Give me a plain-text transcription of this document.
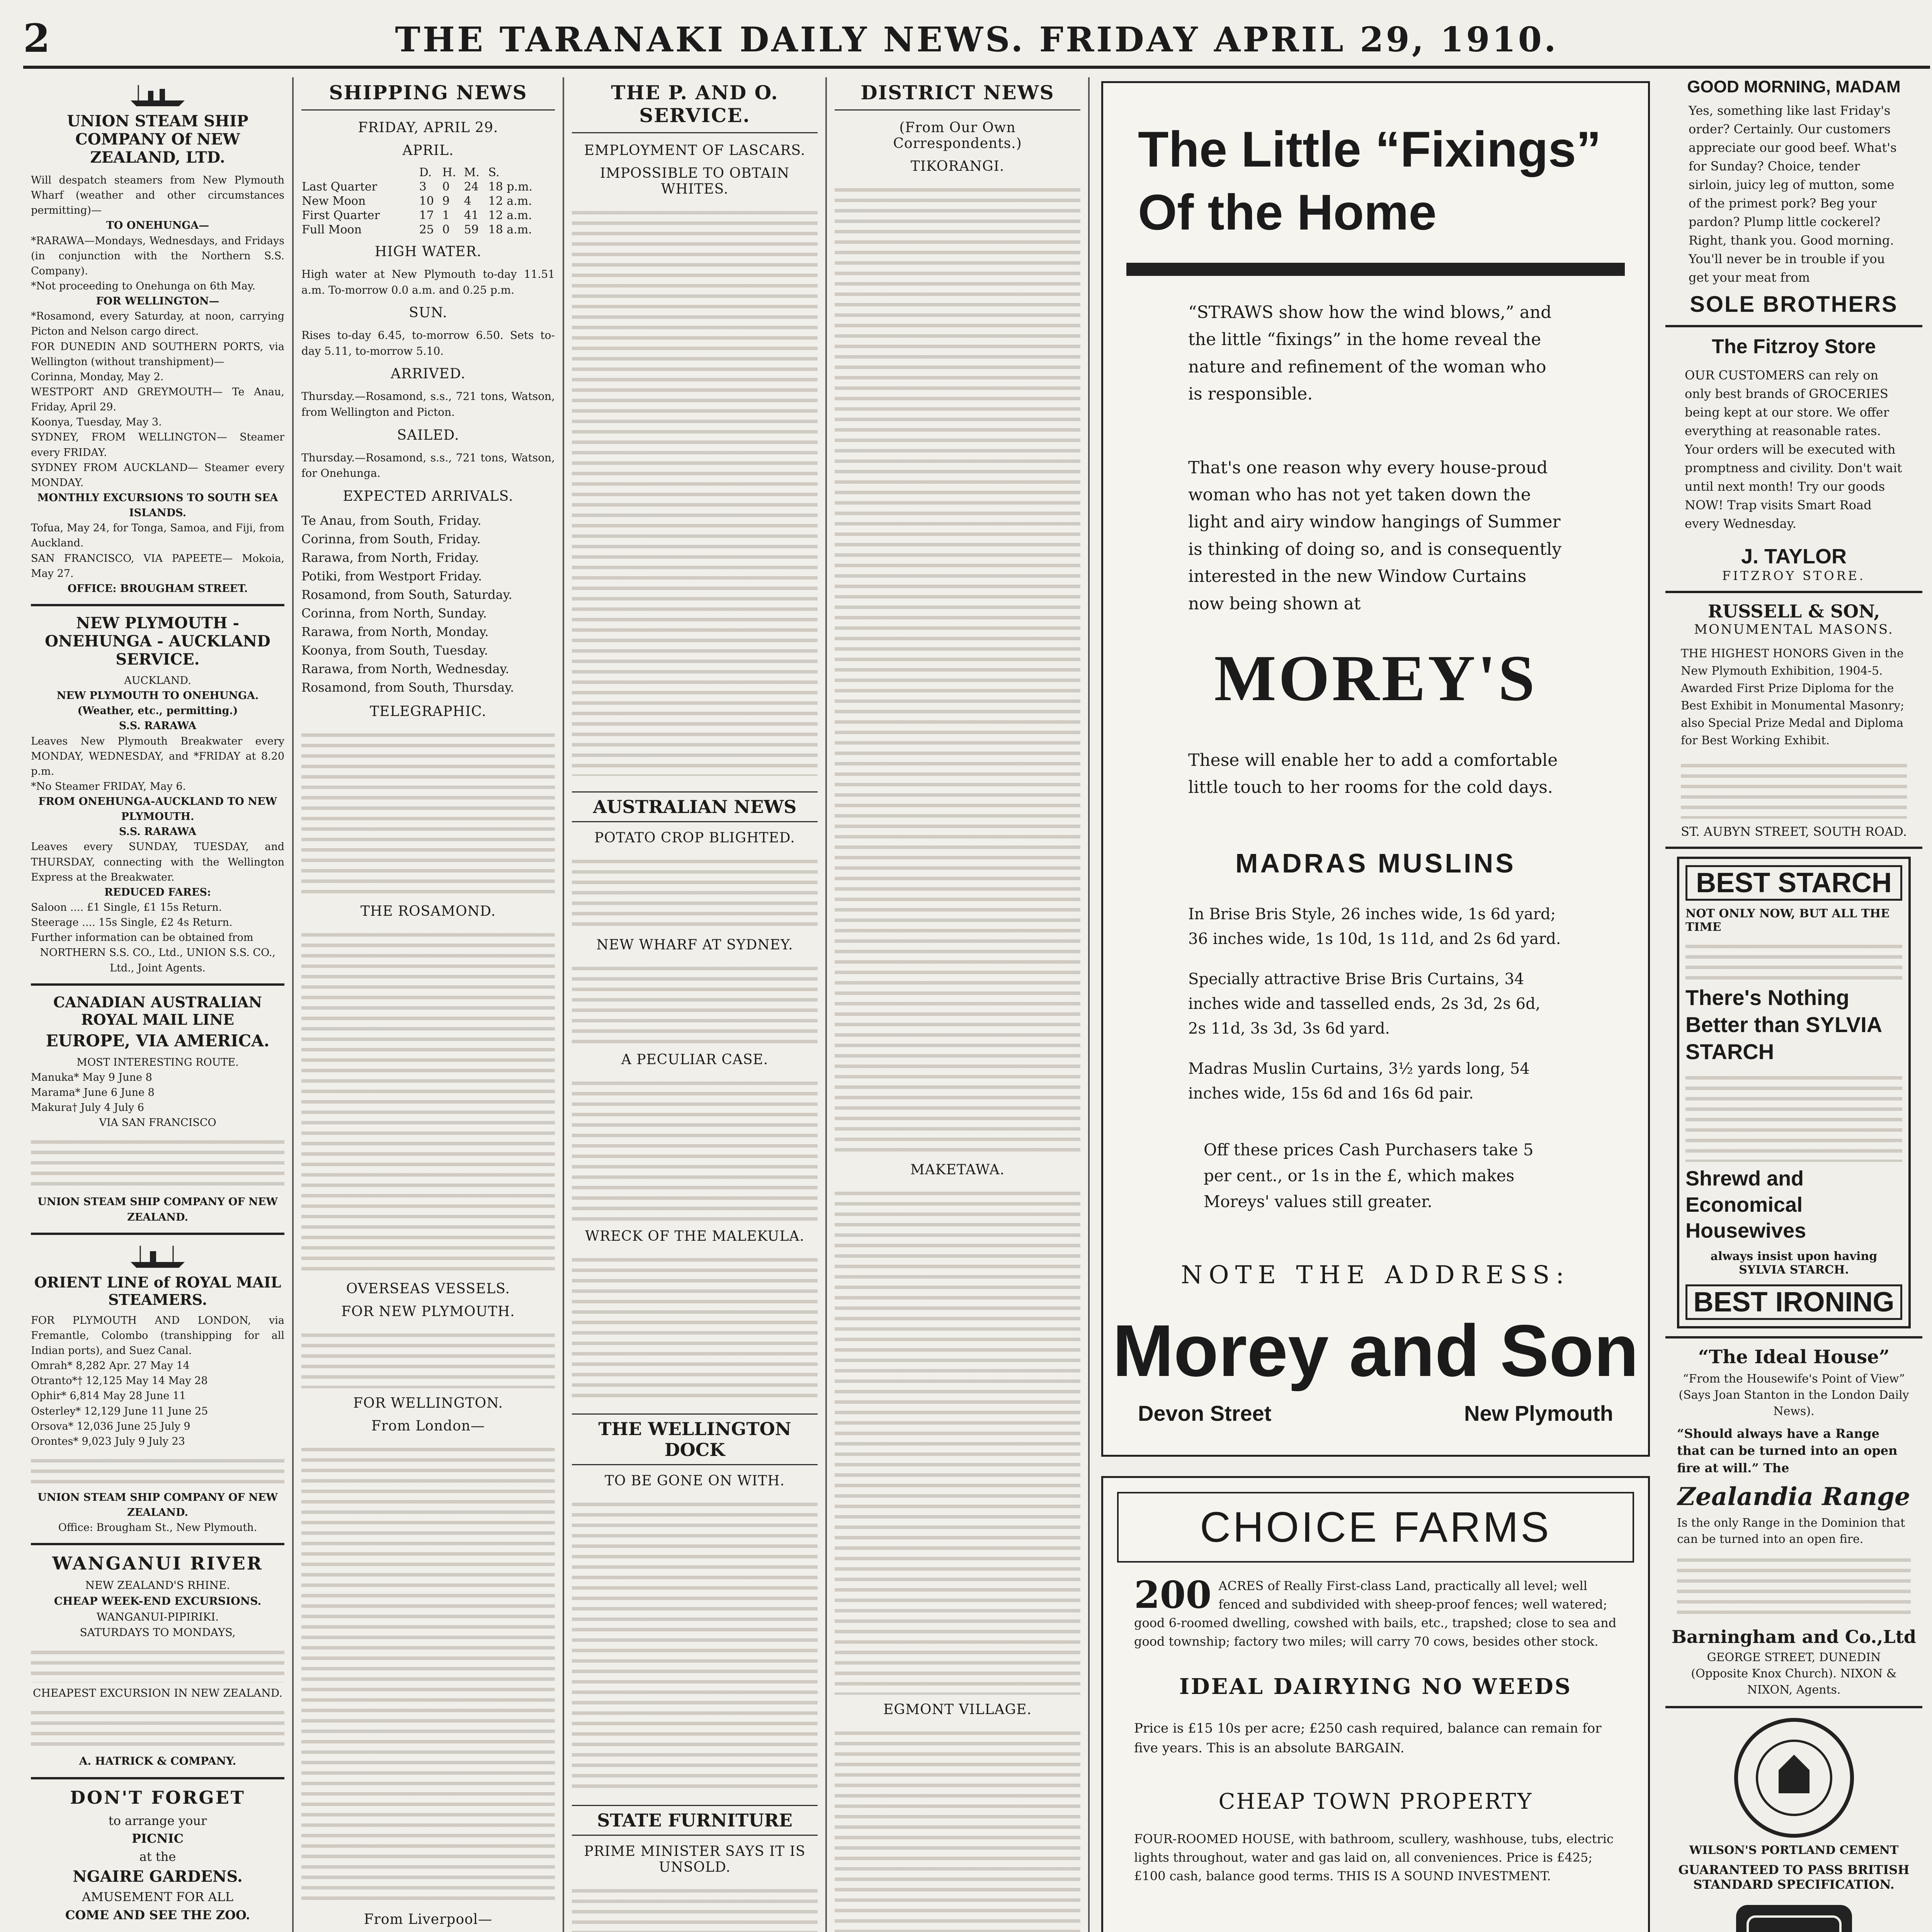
2	THE TARANAKI DAILY NEWS. FRIDAY APRIL 29, 1910.
UNION STEAM SHIP COMPANY Of NEW ZEALAND, LTD.
Will despatch steamers from New Plymouth Wharf (weather and other circumstances permitting)—
TO ONEHUNGA—
*RARAWA—Mondays, Wednesdays, and Fridays (in conjunction with the Northern S.S. Company).
*Not proceeding to Onehunga on 6th May.
FOR WELLINGTON—
*Rosamond, every Saturday, at noon, carrying Picton and Nelson cargo direct.
FOR DUNEDIN AND SOUTHERN PORTS, via Wellington (without transhipment)—
Corinna, Monday, May 2.
WESTPORT AND GREYMOUTH— Te Anau, Friday, April 29.
Koonya, Tuesday, May 3.
SYDNEY, FROM WELLINGTON— Steamer every FRIDAY.
SYDNEY FROM AUCKLAND— Steamer every MONDAY.
MONTHLY EXCURSIONS TO SOUTH SEA ISLANDS.
Tofua, May 24, for Tonga, Samoa, and Fiji, from Auckland.
SAN FRANCISCO, VIA PAPEETE— Mokoia, May 27.
OFFICE: BROUGHAM STREET.
NEW PLYMOUTH - ONEHUNGA - AUCKLAND SERVICE.
AUCKLAND.
NEW PLYMOUTH TO ONEHUNGA. (Weather, etc., permitting.)
S.S. RARAWA
Leaves New Plymouth Breakwater every MONDAY, WEDNESDAY, and *FRIDAY at 8.20 p.m.
*No Steamer FRIDAY, May 6.
FROM ONEHUNGA-AUCKLAND TO NEW PLYMOUTH.
S.S. RARAWA
Leaves every SUNDAY, TUESDAY, and THURSDAY, connecting with the Wellington Express at the Breakwater.
REDUCED FARES:
Saloon .... £1 Single, £1 15s Return.
Steerage .... 15s Single, £2 4s Return.
Further information can be obtained from
NORTHERN S.S. CO., Ltd., UNION S.S. CO., Ltd., Joint Agents.
CANADIAN AUSTRALIAN ROYAL MAIL LINE
EUROPE, VIA AMERICA.
MOST INTERESTING ROUTE.
Manuka* May 9 June 8
Marama* June 6 June 8
Makura† July 4 July 6
VIA SAN FRANCISCO
UNION STEAM SHIP COMPANY OF NEW ZEALAND.
ORIENT LINE of ROYAL MAIL STEAMERS.
FOR PLYMOUTH AND LONDON, via Fremantle, Colombo (transhipping for all Indian ports), and Suez Canal.
Omrah* 8,282 Apr. 27 May 14
Otranto*† 12,125 May 14 May 28
Ophir* 6,814 May 28 June 11
Osterley* 12,129 June 11 June 25
Orsova* 12,036 June 25 July 9
Orontes* 9,023 July 9 July 23
UNION STEAM SHIP COMPANY OF NEW ZEALAND.
Office: Brougham St., New Plymouth.
WANGANUI RIVER
NEW ZEALAND'S RHINE.
CHEAP WEEK-END EXCURSIONS.
WANGANUI-PIPIRIKI.
SATURDAYS TO MONDAYS,
CHEAPEST EXCURSION IN NEW ZEALAND.
A. HATRICK & COMPANY.
DON'T FORGET
to arrange your
PICNIC
at the
NGAIRE GARDENS.
AMUSEMENT FOR ALL
COME AND SEE THE ZOO.
SHIPPING NEWS
FRIDAY, APRIL 29.
APRIL.
	D.	H.	M.	S.
Last Quarter	3	0	24	18 p.m.
New Moon	10	9	4	12 a.m.
First Quarter	17	1	41	12 a.m.
Full Moon	25	0	59	18 a.m.
HIGH WATER.
High water at New Plymouth to-day 11.51 a.m. To-morrow 0.0 a.m. and 0.25 p.m.
SUN.
Rises to-day 6.45, to-morrow 6.50. Sets to-day 5.11, to-morrow 5.10.
ARRIVED.
Thursday.—Rosamond, s.s., 721 tons, Watson, from Wellington and Picton.
SAILED.
Thursday.—Rosamond, s.s., 721 tons, Watson, for Onehunga.
EXPECTED ARRIVALS.
Te Anau, from South, Friday.
Corinna, from South, Friday.
Rarawa, from North, Friday.
Potiki, from Westport Friday.
Rosamond, from South, Saturday.
Corinna, from North, Sunday.
Rarawa, from North, Monday.
Koonya, from South, Tuesday.
Rarawa, from North, Wednesday.
Rosamond, from South, Thursday.
TELEGRAPHIC.
THE ROSAMOND.
OVERSEAS VESSELS.
FOR NEW PLYMOUTH.
FOR WELLINGTON.
From London—
From Liverpool—
THE P. AND O. SERVICE.
EMPLOYMENT OF LASCARS.
IMPOSSIBLE TO OBTAIN WHITES.
AUSTRALIAN NEWS
POTATO CROP BLIGHTED.
NEW WHARF AT SYDNEY.
A PECULIAR CASE.
WRECK OF THE MALEKULA.
THE WELLINGTON DOCK
TO BE GONE ON WITH.
STATE FURNITURE
PRIME MINISTER SAYS IT IS UNSOLD.
DISTRICT NEWS
(From Our Own Correspondents.)
TIKORANGI.
MAKETAWA.
EGMONT VILLAGE.
The Little “Fixings” Of the Home
“STRAWS show how the wind blows,” and the little “fixings” in the home reveal the nature and refinement of the woman who is responsible.
That's one reason why every house-proud woman who has not yet taken down the light and airy window hangings of Summer is thinking of doing so, and is consequently interested in the new Window Curtains now being shown at
MOREY'S
These will enable her to add a comfortable little touch to her rooms for the cold days.
MADRAS MUSLINS

In Brise Bris Style, 26 inches wide, 1s 6d yard; 36 inches wide, 1s 10d, 1s 11d, and 2s 6d yard.

Specially attractive Brise Bris Curtains, 34 inches wide and tasselled ends, 2s 3d, 2s 6d, 2s 11d, 3s 3d, 3s 6d yard.

Madras Muslin Curtains, 3½ yards long, 54 inches wide, 15s 6d and 16s 6d pair.

Off these prices Cash Purchasers take 5 per cent., or 1s in the £, which makes Moreys' values still greater.
NOTE THE ADDRESS:
Morey and Son
Devon Street	New Plymouth
CHOICE FARMS
200 ACRES of Really First-class Land, practically all level; well fenced and subdivided with sheep-proof fences; well watered; good 6-roomed dwelling, cowshed with bails, etc., trapshed; close to sea and good township; factory two miles; will carry 70 cows, besides other stock.
IDEAL DAIRYING NO WEEDS
Price is £15 10s per acre; £250 cash required, balance can remain for five years. This is an absolute BARGAIN.
CHEAP TOWN PROPERTY
FOUR-ROOMED HOUSE, with bathroom, scullery, washhouse, tubs, electric lights throughout, water and gas laid on, all conveniences. Price is £425; £100 cash, balance good terms. THIS IS A SOUND INVESTMENT.

GOOD MORNING, MADAM
Yes, something like last Friday's order? Certainly. Our customers appreciate our good beef. What's for Sunday? Choice, tender sirloin, juicy leg of mutton, some of the primest pork? Beg your pardon? Plump little cockerel? Right, thank you. Good morning. You'll never be in trouble if you get your meat from
SOLE BROTHERS
The Fitzroy Store
OUR CUSTOMERS can rely on only best brands of GROCERIES being kept at our store. We offer everything at reasonable rates. Your orders will be executed with promptness and civility. Don't wait until next month! Try our goods NOW! Trap visits Smart Road every Wednesday.
J. TAYLOR
FITZROY STORE.
RUSSELL & SON,
MONUMENTAL MASONS.
THE HIGHEST HONORS Given in the New Plymouth Exhibition, 1904-5. Awarded First Prize Diploma for the Best Exhibit in Monumental Masonry; also Special Prize Medal and Diploma for Best Working Exhibit.
ST. AUBYN STREET, SOUTH ROAD.
BEST STARCH
NOT ONLY NOW, BUT ALL THE TIME
There's Nothing Better than SYLVIA STARCH
Shrewd and Economical Housewives
always insist upon having SYLVIA STARCH.
BEST IRONING
“The Ideal House”
“From the Housewife's Point of View” (Says Joan Stanton in the London Daily News).
“Should always have a Range that can be turned into an open fire at will.” The
Zealandia Range
Is the only Range in the Dominion that can be turned into an open fire.
Barningham and Co.,Ltd
GEORGE STREET, DUNEDIN (Opposite Knox Church). NIXON & NIXON, Agents.
WILSON'S PORTLAND CEMENT
GUARANTEED TO PASS BRITISH STANDARD SPECIFICATION.
